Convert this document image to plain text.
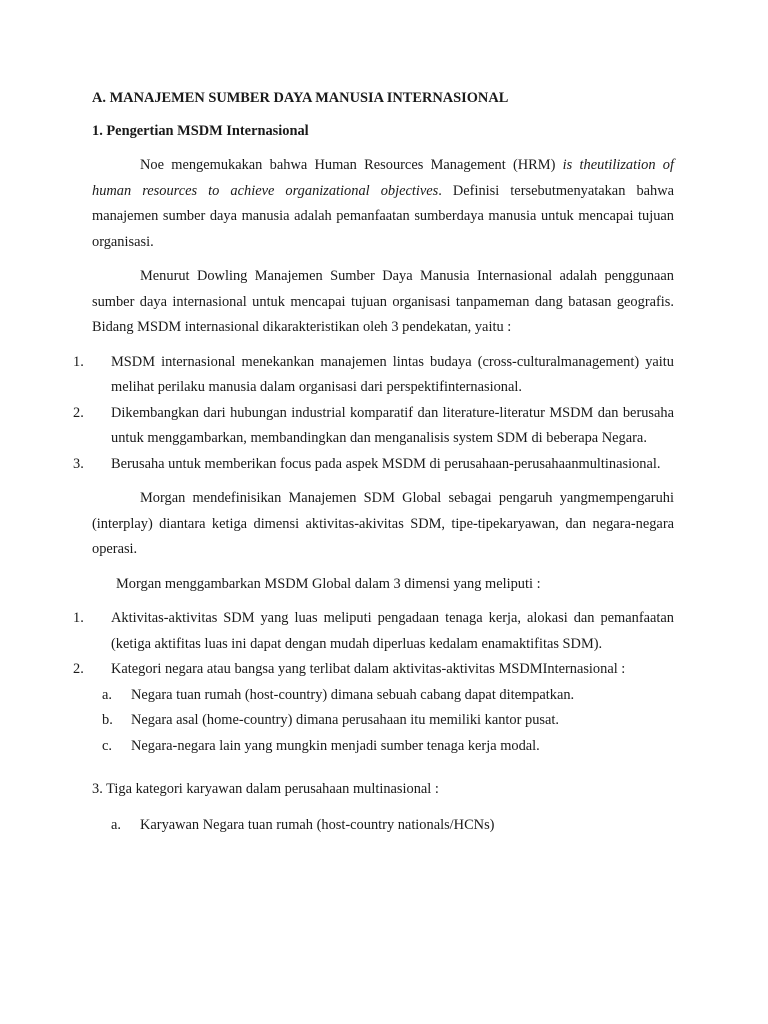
A. MANAJEMEN SUMBER DAYA MANUSIA INTERNASIONAL
1. Pengertian MSDM Internasional

Noe mengemukakan bahwa Human Resources Management (HRM) is theutilization of human resources to achieve organizational objectives. Definisi tersebutmenyatakan bahwa manajemen sumber daya manusia adalah pemanfaatan sumberdaya manusia untuk mencapai tujuan organisasi.

Menurut Dowling Manajemen Sumber Daya Manusia Internasional adalah penggunaan sumber daya internasional untuk mencapai tujuan organisasi tanpameman dang batasan geografis. Bidang MSDM internasional dikarakteristikan oleh 3 pendekatan, yaitu :

1. MSDM internasional menekankan manajemen lintas budaya (cross-culturalmanagement) yaitu melihat perilaku manusia dalam organisasi dari perspektifinternasional.
2. Dikembangkan dari hubungan industrial komparatif dan literature-literatur MSDM dan berusaha untuk menggambarkan, membandingkan dan menganalisis system SDM di beberapa Negara.
3. Berusaha untuk memberikan focus pada aspek MSDM di perusahaan-perusahaanmultinasional.

Morgan mendefinisikan Manajemen SDM Global sebagai pengaruh yangmempengaruhi (interplay) diantara ketiga dimensi aktivitas-akivitas SDM, tipe-tipekaryawan, dan negara-negara operasi.

Morgan menggambarkan MSDM Global dalam 3 dimensi yang meliputi :

1. Aktivitas-aktivitas SDM yang luas meliputi pengadaan tenaga kerja, alokasi dan pemanfaatan (ketiga aktifitas luas ini dapat dengan mudah diperluas kedalam enamaktifitas SDM).
2. Kategori negara atau bangsa yang terlibat dalam aktivitas-aktivitas MSDMInternasional :
a. Negara tuan rumah (host-country) dimana sebuah cabang dapat ditempatkan.
b. Negara asal (home-country) dimana perusahaan itu memiliki kantor pusat.
c. Negara-negara lain yang mungkin menjadi sumber tenaga kerja modal.

3. Tiga kategori karyawan dalam perusahaan multinasional :

a. Karyawan Negara tuan rumah (host-country nationals/HCNs)
